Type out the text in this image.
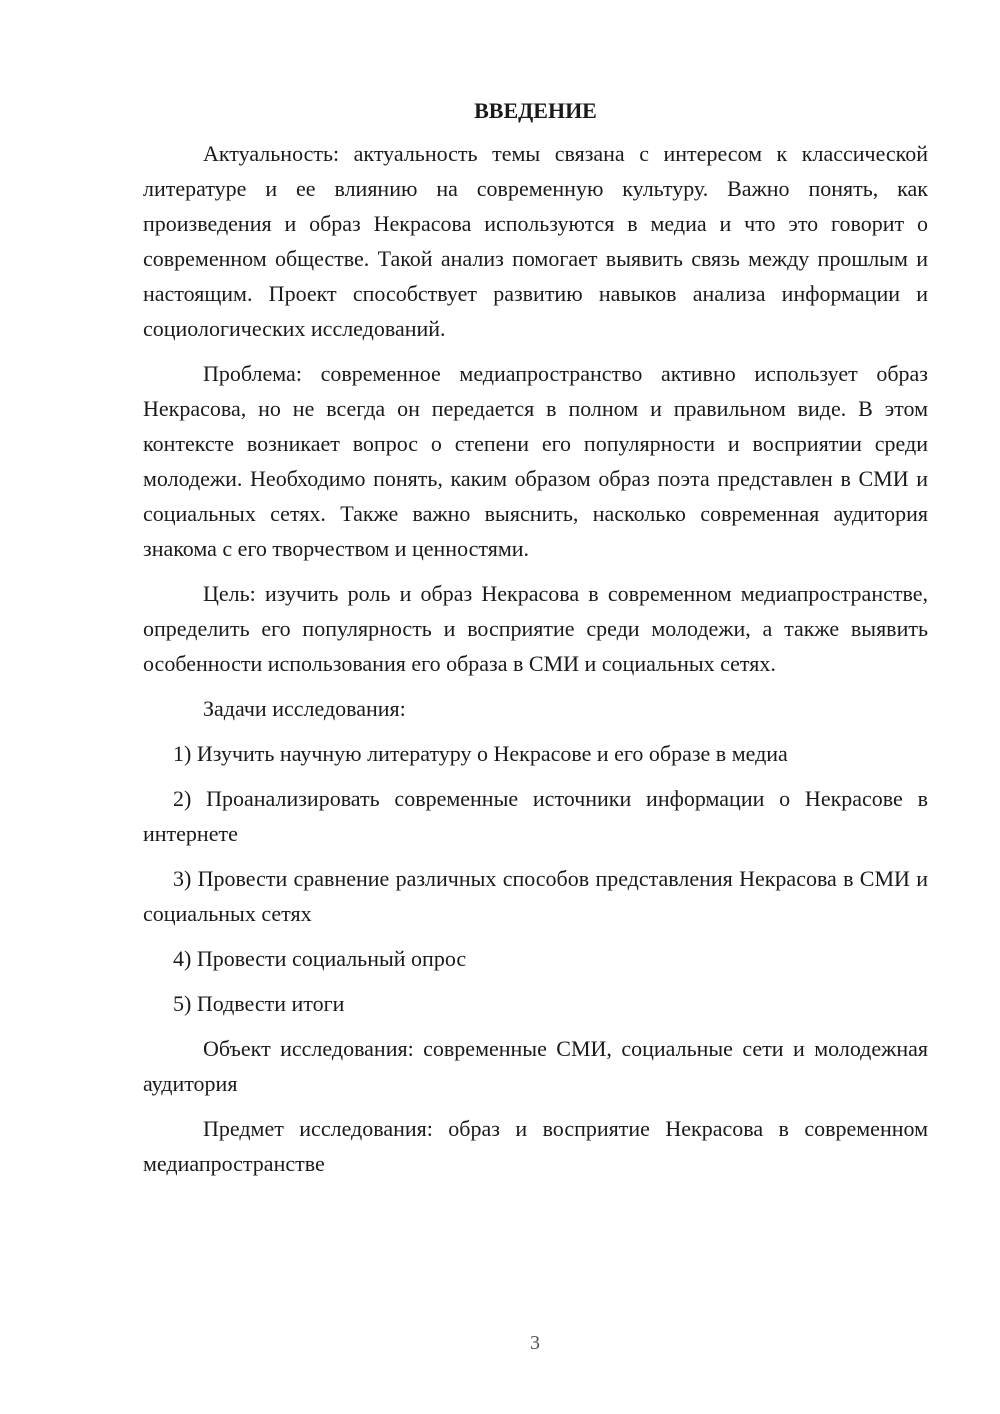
ВВЕДЕНИЕ

Актуальность: актуальность темы связана с интересом к классической литературе и ее влиянию на современную культуру. Важно понять, как произведения и образ Некрасова используются в медиа и что это говорит о современном обществе. Такой анализ помогает выявить связь между прошлым и настоящим. Проект способствует развитию навыков анализа информации и социологических исследований.

Проблема: современное медиапространство активно использует образ Некрасова, но не всегда он передается в полном и правильном виде. В этом контексте возникает вопрос о степени его популярности и восприятии среди молодежи. Необходимо понять, каким образом образ поэта представлен в СМИ и социальных сетях. Также важно выяснить, насколько современная аудитория знакома с его творчеством и ценностями.

Цель: изучить роль и образ Некрасова в современном медиапространстве, определить его популярность и восприятие среди молодежи, а также выявить особенности использования его образа в СМИ и социальных сетях.

Задачи исследования:

1) Изучить научную литературу о Некрасове и его образе в медиа

2) Проанализировать современные источники информации о Некрасове в интернете

3) Провести сравнение различных способов представления Некрасова в СМИ и социальных сетях

4) Провести социальный опрос

5) Подвести итоги

Объект исследования: современные СМИ, социальные сети и молодежная аудитория

Предмет исследования: образ и восприятие Некрасова в современном медиапространстве

3
